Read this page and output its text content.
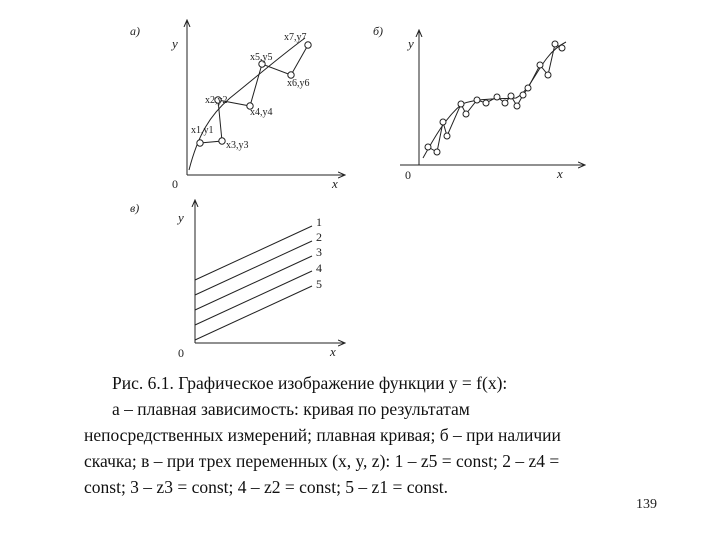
а)
y
x
0
x1,y1
x2,y2
x3,y3
x4,y4
x5,y5
x6,y6
x7,y7	б)
y
x
0
в)
y
x
0
1
2
3
4
5
Рис. 6.1. Графическое изображение функции y = f(x):
а – плавная зависимость: кривая по результатам
непосредственных измерений; плавная кривая; б – при наличии
скачка; в – при трех переменных (x, y, z): 1 – z5 = const; 2 – z4 =
const; 3 – z3 = const; 4 – z2 = const; 5 – z1 = const.
139
